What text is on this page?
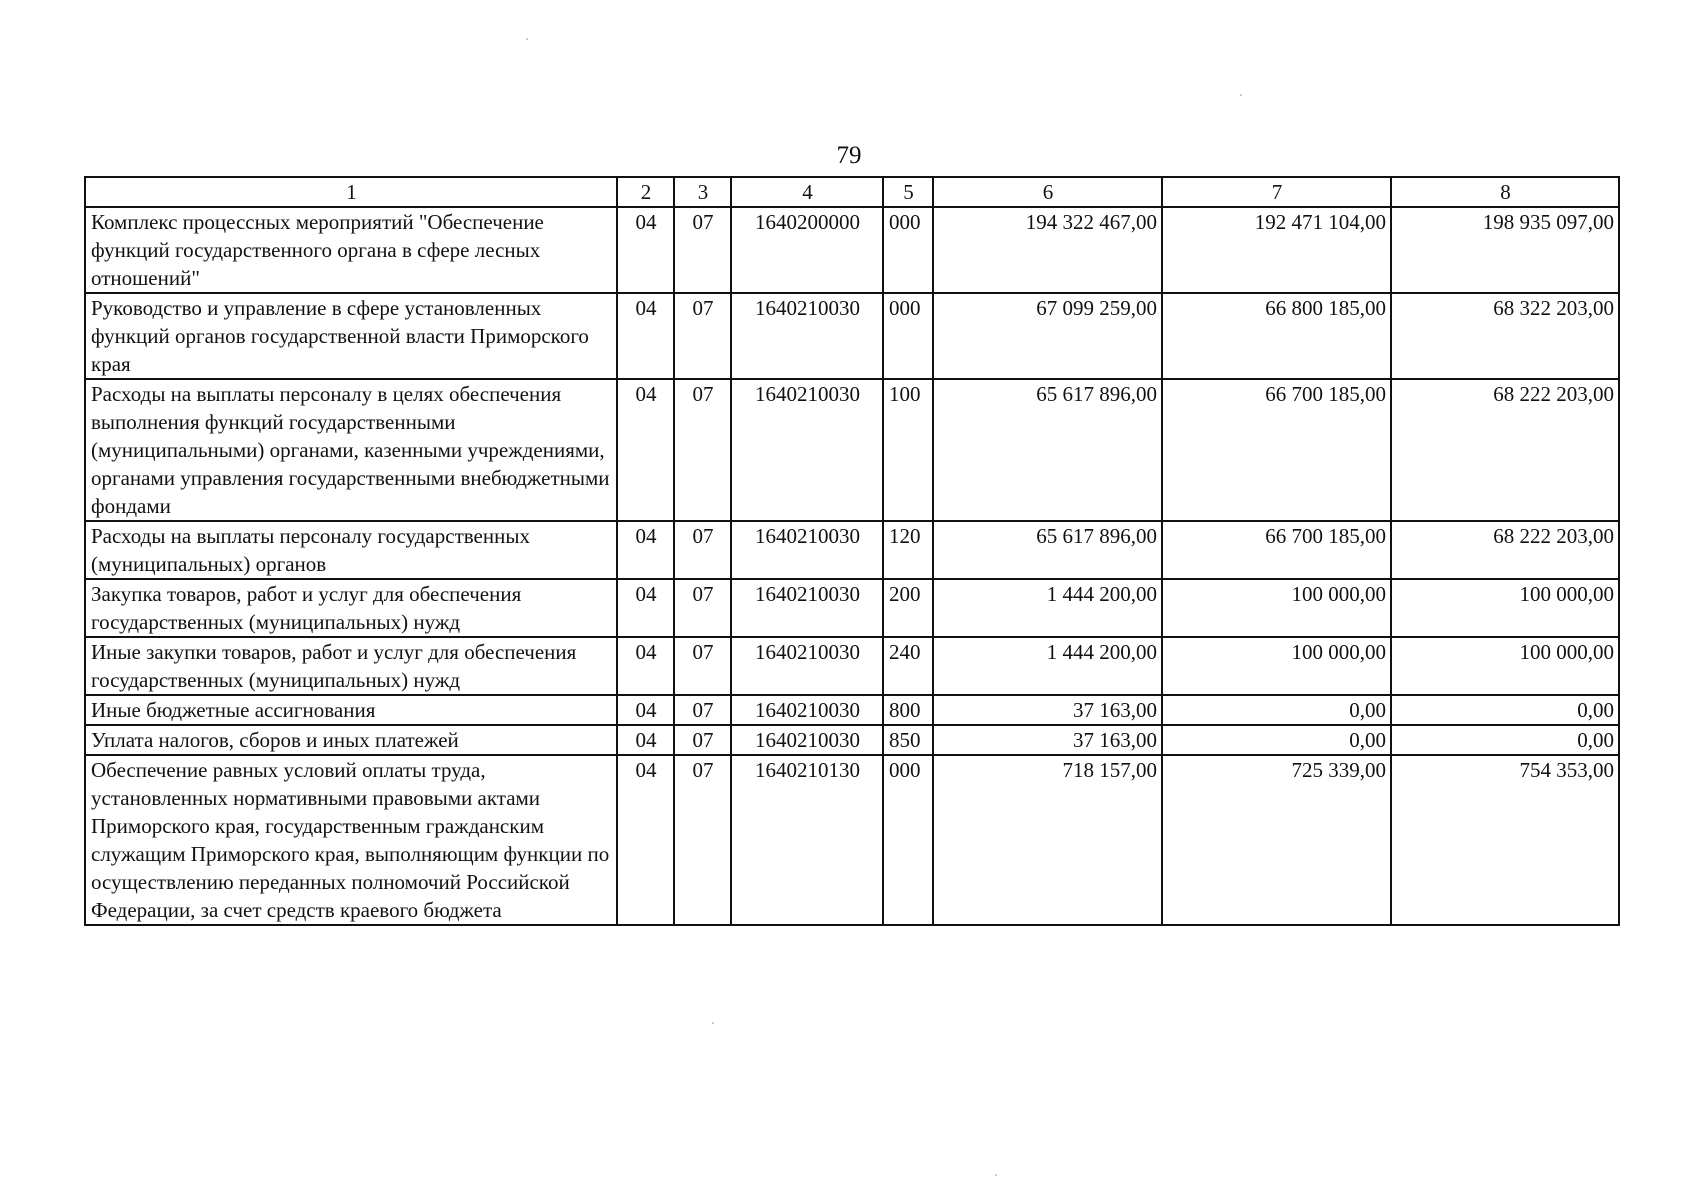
79
1	2	3	4	5	6	7	8
Комплекс процессных мероприятий "Обеспечение функций государственного органа в сфере лесных отношений"	04	07	1640200000	000	194 322 467,00	192 471 104,00	198 935 097,00
Руководство и управление в сфере установленных функций органов государственной власти Приморского края	04	07	1640210030	000	67 099 259,00	66 800 185,00	68 322 203,00
Расходы на выплаты персоналу в целях обеспечения выполнения функций государственными (муниципальными) органами, казенными учреждениями, органами управления государственными внебюджетными фондами	04	07	1640210030	100	65 617 896,00	66 700 185,00	68 222 203,00
Расходы на выплаты персоналу государственных (муниципальных) органов	04	07	1640210030	120	65 617 896,00	66 700 185,00	68 222 203,00
Закупка товаров, работ и услуг для обеспечения государственных (муниципальных) нужд	04	07	1640210030	200	1 444 200,00	100 000,00	100 000,00
Иные закупки товаров, работ и услуг для обеспечения государственных (муниципальных) нужд	04	07	1640210030	240	1 444 200,00	100 000,00	100 000,00
Иные бюджетные ассигнования	04	07	1640210030	800	37 163,00	0,00	0,00
Уплата налогов, сборов и иных платежей	04	07	1640210030	850	37 163,00	0,00	0,00
Обеспечение равных условий оплаты труда, установленных нормативными правовыми актами Приморского края, государственным гражданским служащим Приморского края, выполняющим функции по осуществлению переданных полномочий Российской Федерации, за счет средств краевого бюджета	04	07	1640210130	000	718 157,00	725 339,00	754 353,00
